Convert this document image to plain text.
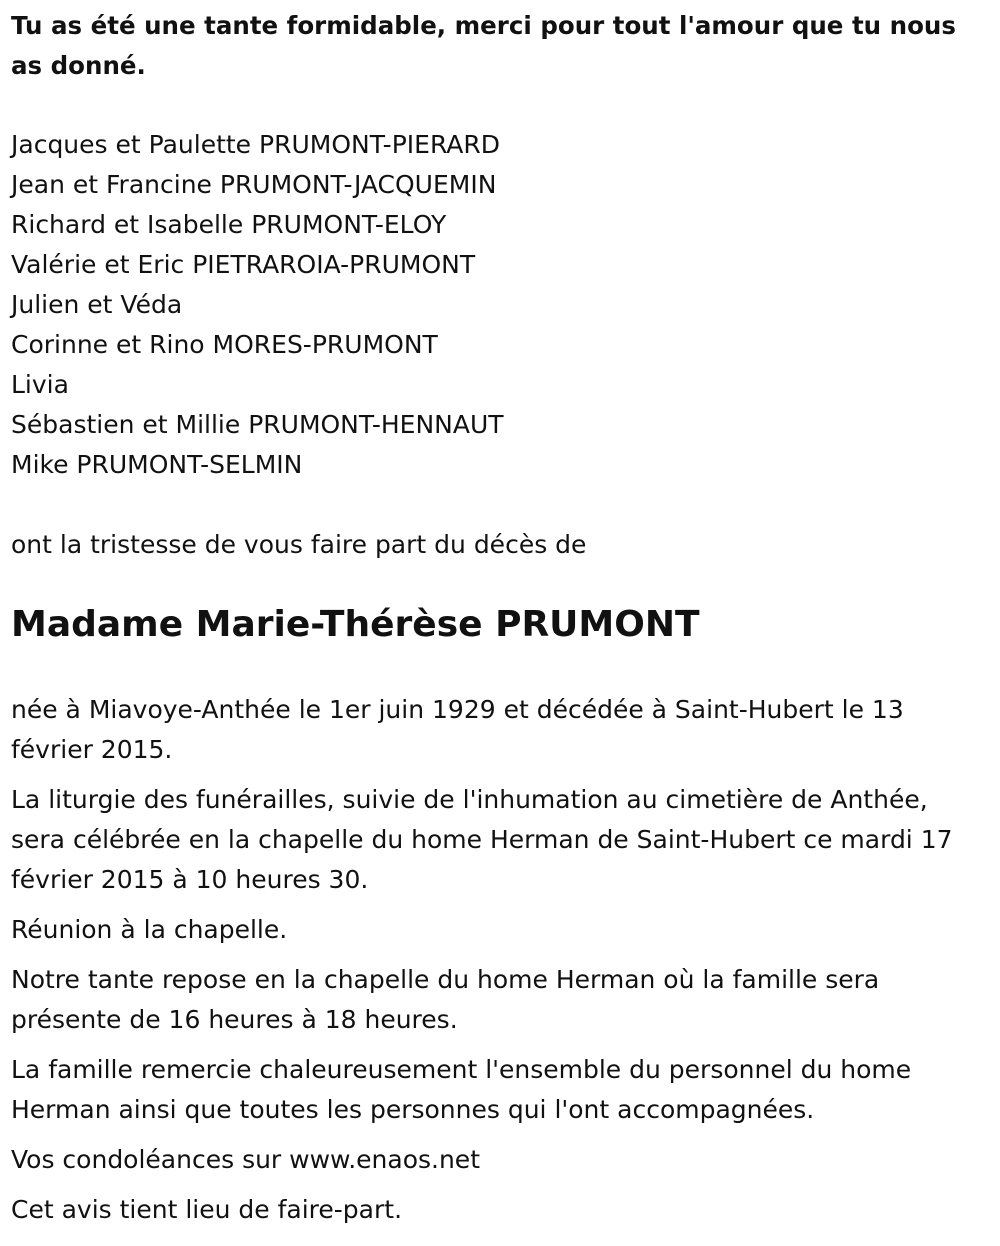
Tu as été une tante formidable, merci pour tout l'amour que tu nous as donné.

Jacques et Paulette PRUMONT-PIERARD
Jean et Francine PRUMONT-JACQUEMIN
Richard et Isabelle PRUMONT-ELOY
Valérie et Eric PIETRAROIA-PRUMONT
Julien et Véda
Corinne et Rino MORES-PRUMONT
Livia
Sébastien et Millie PRUMONT-HENNAUT
Mike PRUMONT-SELMIN

ont la tristesse de vous faire part du décès de

Madame Marie-Thérèse PRUMONT

née à Miavoye-Anthée le 1er juin 1929 et décédée à Saint-Hubert le 13 février 2015.

La liturgie des funérailles, suivie de l'inhumation au cimetière de Anthée, sera célébrée en la chapelle du home Herman de Saint-Hubert ce mardi 17 février 2015 à 10 heures 30.

Réunion à la chapelle.

Notre tante repose en la chapelle du home Herman où la famille sera présente de 16 heures à 18 heures.

La famille remercie chaleureusement l'ensemble du personnel du home Herman ainsi que toutes les personnes qui l'ont accompagnées.

Vos condoléances sur www.enaos.net

Cet avis tient lieu de faire-part.
